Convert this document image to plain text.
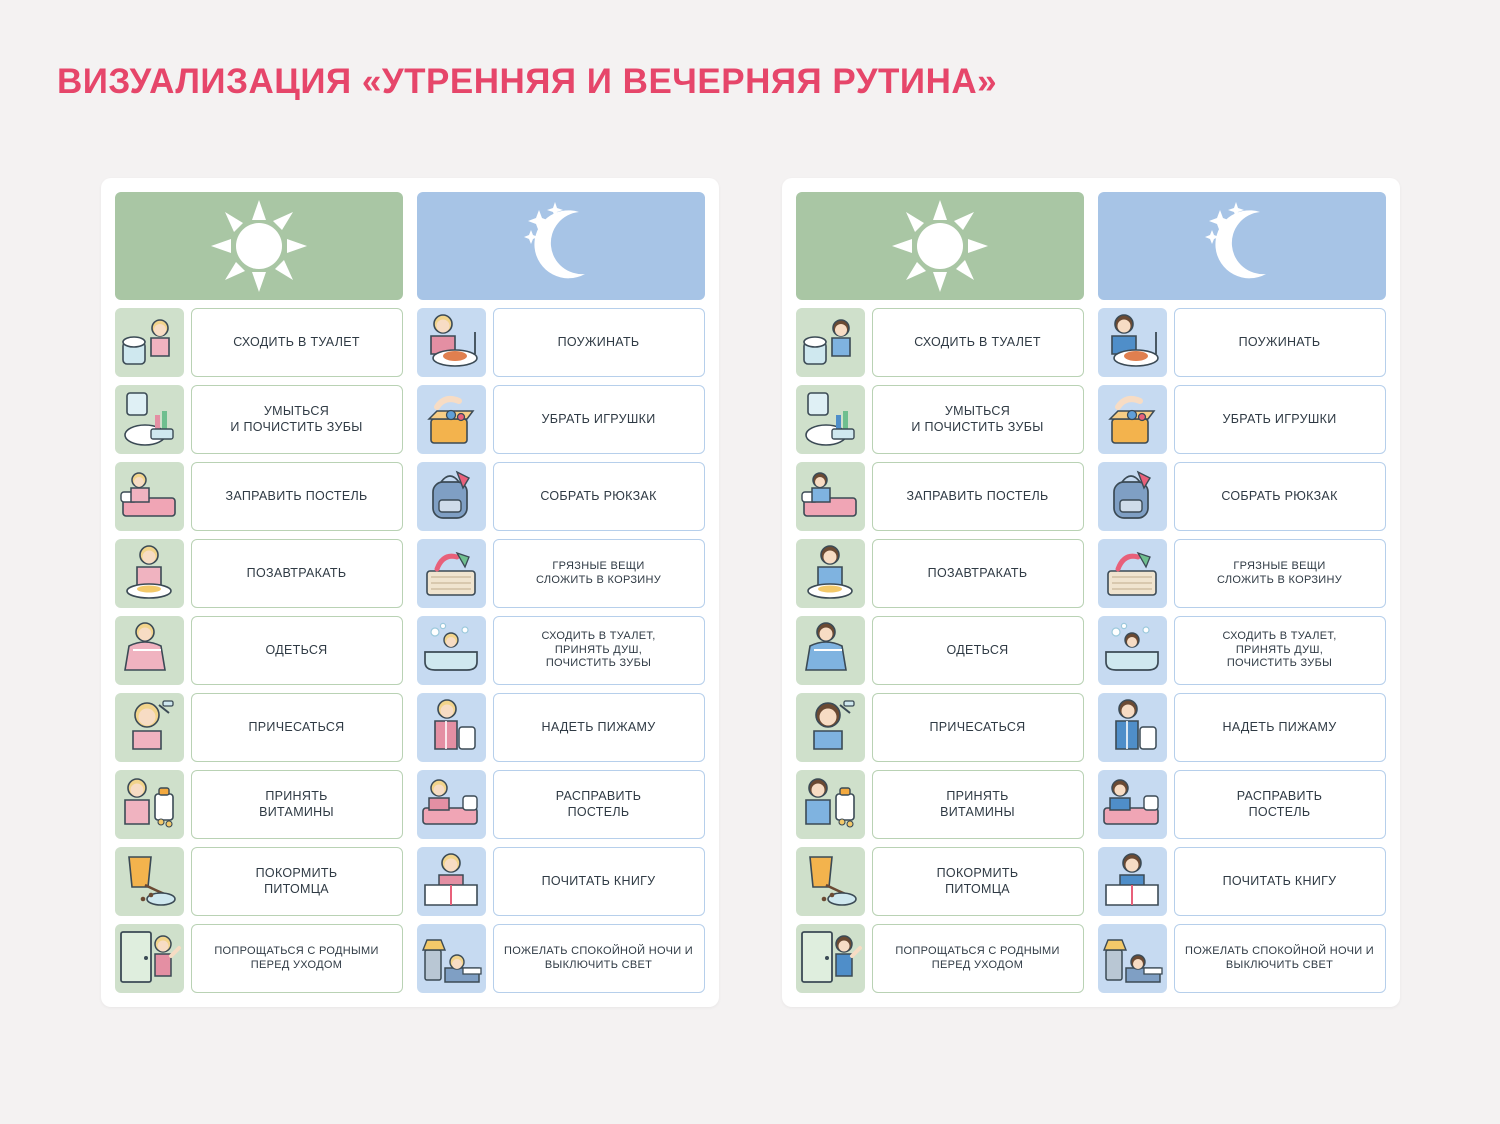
ВИЗУАЛИЗАЦИЯ «УТРЕННЯЯ И ВЕЧЕРНЯЯ РУТИНА»
СХОДИТЬ В ТУАЛЕТ
УМЫТЬСЯ
И ПОЧИСТИТЬ ЗУБЫ
ЗАПРАВИТЬ ПОСТЕЛЬ
ПОЗАВТРАКАТЬ
ОДЕТЬСЯ
ПРИЧЕСАТЬСЯ
ПРИНЯТЬ
ВИТАМИНЫ
ПОКОРМИТЬ
ПИТОМЦА
ПОПРОЩАТЬСЯ С РОДНЫМИ ПЕРЕД УХОДОМ
ПОУЖИНАТЬ
УБРАТЬ ИГРУШКИ
СОБРАТЬ РЮКЗАК
ГРЯЗНЫЕ ВЕЩИ
СЛОЖИТЬ В КОРЗИНУ
СХОДИТЬ В ТУАЛЕТ,
ПРИНЯТЬ ДУШ,
ПОЧИСТИТЬ ЗУБЫ
НАДЕТЬ ПИЖАМУ
РАСПРАВИТЬ
ПОСТЕЛЬ
ПОЧИТАТЬ КНИГУ
ПОЖЕЛАТЬ СПОКОЙНОЙ НОЧИ И ВЫКЛЮЧИТЬ СВЕТ
СХОДИТЬ В ТУАЛЕТ
УМЫТЬСЯ
И ПОЧИСТИТЬ ЗУБЫ
ЗАПРАВИТЬ ПОСТЕЛЬ
ПОЗАВТРАКАТЬ
ОДЕТЬСЯ
ПРИЧЕСАТЬСЯ
ПРИНЯТЬ
ВИТАМИНЫ
ПОКОРМИТЬ
ПИТОМЦА
ПОПРОЩАТЬСЯ С РОДНЫМИ ПЕРЕД УХОДОМ
ПОУЖИНАТЬ
УБРАТЬ ИГРУШКИ
СОБРАТЬ РЮКЗАК
ГРЯЗНЫЕ ВЕЩИ
СЛОЖИТЬ В КОРЗИНУ
СХОДИТЬ В ТУАЛЕТ,
ПРИНЯТЬ ДУШ,
ПОЧИСТИТЬ ЗУБЫ
НАДЕТЬ ПИЖАМУ
РАСПРАВИТЬ
ПОСТЕЛЬ
ПОЧИТАТЬ КНИГУ
ПОЖЕЛАТЬ СПОКОЙНОЙ НОЧИ И ВЫКЛЮЧИТЬ СВЕТ
